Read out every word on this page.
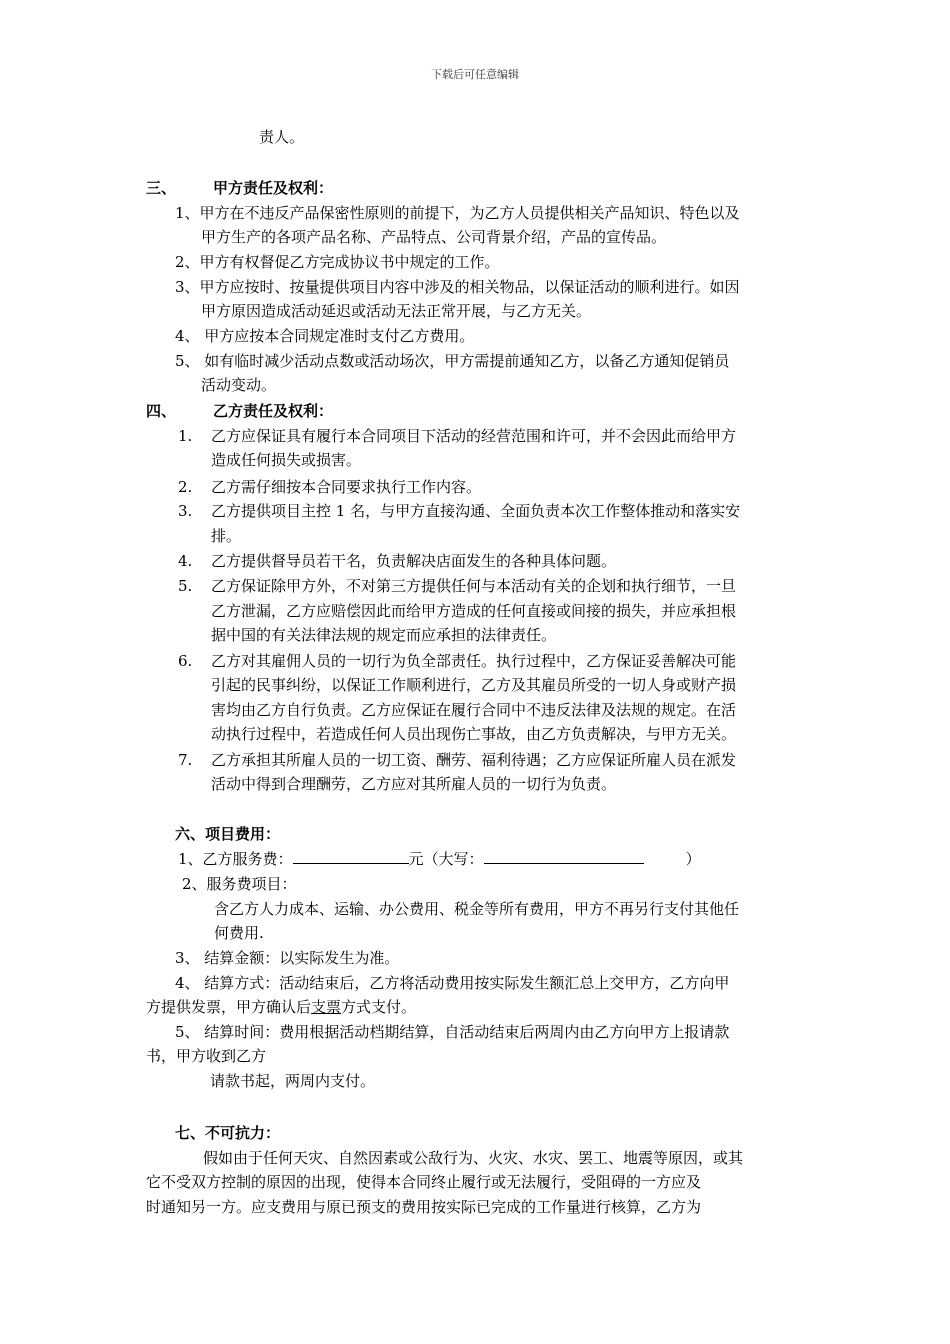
下载后可任意编辑
责人。
三、 甲方责任及权利：
1、甲方在不违反产品保密性原则的前提下，为乙方人员提供相关产品知识、特色以及
甲方生产的各项产品名称、产品特点、公司背景介绍，产品的宣传品。
2、甲方有权督促乙方完成协议书中规定的工作。
3、甲方应按时、按量提供项目内容中涉及的相关物品，以保证活动的顺利进行。如因
甲方原因造成活动延迟或活动无法正常开展，与乙方无关。
4、 甲方应按本合同规定准时支付乙方费用。
5、 如有临时减少活动点数或活动场次，甲方需提前通知乙方，以备乙方通知促销员
活动变动。
四、 乙方责任及权利：
1. 乙方应保证具有履行本合同项目下活动的经营范围和许可，并不会因此而给甲方
造成任何损失或损害。
2. 乙方需仔细按本合同要求执行工作内容。
3. 乙方提供项目主控 1 名，与甲方直接沟通、全面负责本次工作整体推动和落实安
排。
4. 乙方提供督导员若干名，负责解决店面发生的各种具体问题。
5. 乙方保证除甲方外，不对第三方提供任何与本活动有关的企划和执行细节，一旦
乙方泄漏，乙方应赔偿因此而给甲方造成的任何直接或间接的损失，并应承担根
据中国的有关法律法规的规定而应承担的法律责任。
6. 乙方对其雇佣人员的一切行为负全部责任。执行过程中，乙方保证妥善解决可能
引起的民事纠纷，以保证工作顺利进行，乙方及其雇员所受的一切人身或财产损
害均由乙方自行负责。乙方应保证在履行合同中不违反法律及法规的规定。在活
动执行过程中，若造成任何人员出现伤亡事故，由乙方负责解决，与甲方无关。
7. 乙方承担其所雇人员的一切工资、酬劳、福利待遇；乙方应保证所雇人员在派发
活动中得到合理酬劳，乙方应对其所雇人员的一切行为负责。
六、项目费用：
1、乙方服务费：	元（大写：	）
2、服务费项目：
含乙方人力成本、运输、办公费用、税金等所有费用，甲方不再另行支付其他任
何费用.
3、 结算金额：以实际发生为准。
4、 结算方式：活动结束后，乙方将活动费用按实际发生额汇总上交甲方，乙方向甲
方提供发票，甲方确认后支票方式支付。
5、 结算时间：费用根据活动档期结算，自活动结束后两周内由乙方向甲方上报请款
书，甲方收到乙方
请款书起，两周内支付。
七、不可抗力：
假如由于任何天灾、自然因素或公敌行为、火灾、水灾、罢工、地震等原因，或其
它不受双方控制的原因的出现，使得本合同终止履行或无法履行，受阻碍的一方应及
时通知另一方。应支费用与原已预支的费用按实际已完成的工作量进行核算，乙方为
